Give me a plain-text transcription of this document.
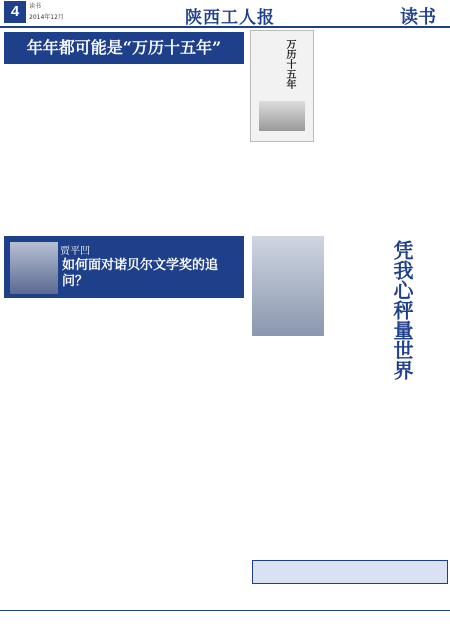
4	读书
2014年12月	陕西工人报	读书
年年都可能是“万历十五年”	万历十五年
贾平凹
如何面对诺贝尔文学奖的追问？	凭我心秤量世界
